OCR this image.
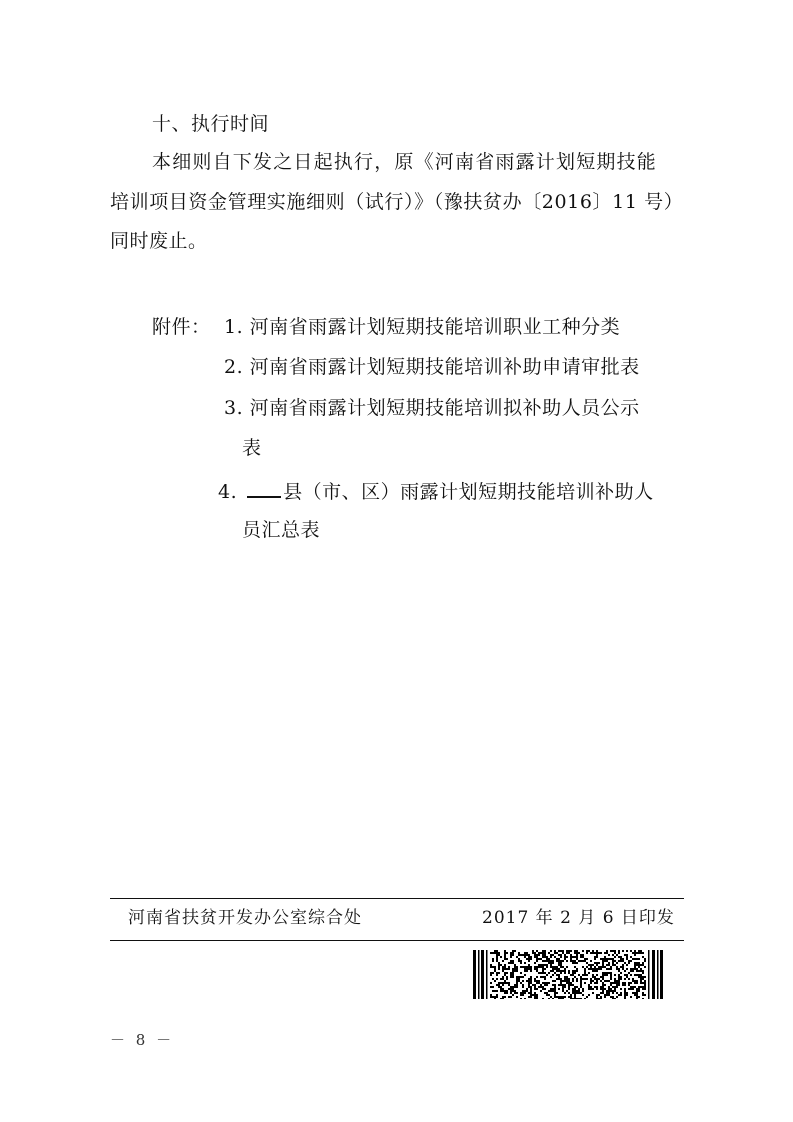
十、执行时间
本细则自下发之日起执行，原《河南省雨露计划短期技能
培训项目资金管理实施细则（试行）》（豫扶贫办〔2016〕11 号）
同时废止。
附件： 1. 河南省雨露计划短期技能培训职业工种分类
2. 河南省雨露计划短期技能培训补助申请审批表
3. 河南省雨露计划短期技能培训拟补助人员公示
表
4. 县（市、区）雨露计划短期技能培训补助人
员汇总表
河南省扶贫开发办公室综合处	2017 年 2 月 6 日印发
－ 8 －
